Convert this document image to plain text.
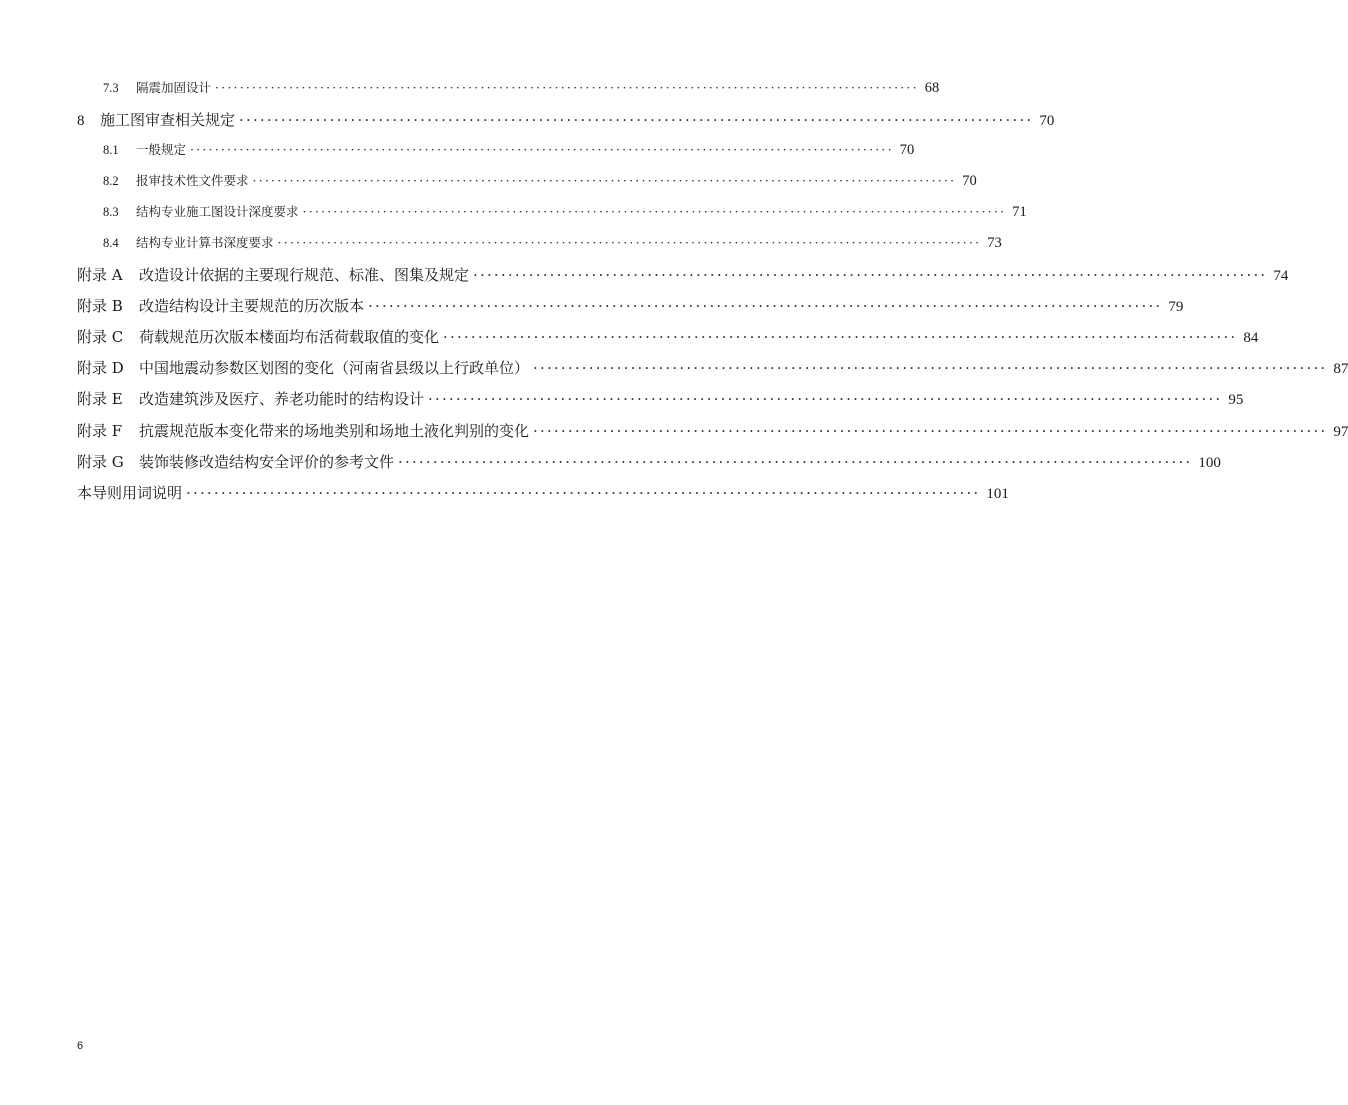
7.3	隔震加固设计 ·················································································································· 68
8	施工图审查相关规定 ·················································································································· 70
8.1	一般规定 ·················································································································· 70
8.2	报审技术性文件要求 ·················································································································· 70
8.3	结构专业施工图设计深度要求 ·················································································································· 71
8.4	结构专业计算书深度要求 ·················································································································· 73
附录 A	改造设计依据的主要现行规范、标准、图集及规定 ·················································································································· 74
附录 B	改造结构设计主要规范的历次版本 ·················································································································· 79
附录 C	荷载规范历次版本楼面均布活荷载取值的变化 ·················································································································· 84
附录 D	中国地震动参数区划图的变化（河南省县级以上行政单位） ·················································································································· 87
附录 E	改造建筑涉及医疗、养老功能时的结构设计 ·················································································································· 95
附录 F	抗震规范版本变化带来的场地类别和场地土液化判别的变化 ·················································································································· 97
附录 G	装饰装修改造结构安全评价的参考文件 ·················································································································· 100
本导则用词说明 ·················································································································· 101
6
